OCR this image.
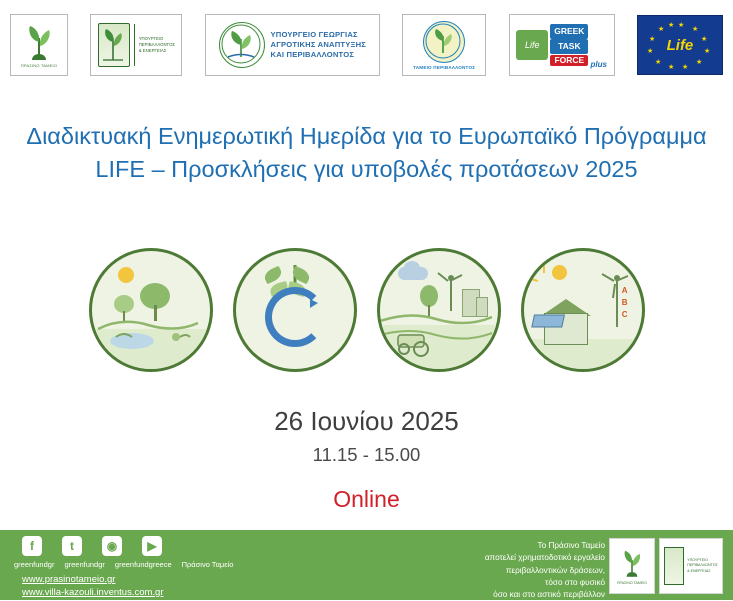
ΠΡΑΣΙΝΟ ΤΑΜΕΙΟ
ΥΠΟΥΡΓΕΙΟ
ΠΕΡΙΒΑΛΛΟΝΤΟΣ
& ΕΝΕΡΓΕΙΑΣ
ΥΠΟΥΡΓΕΙΟ ΓΕΩΡΓΙΑΣ
ΑΓΡΟΤΙΚΗΣ ΑΝΑΠΤΥΞΗΣ
ΚΑΙ ΠΕΡΙΒΑΛΛΟΝΤΟΣ
ΤΑΜΕΙΟ ΠΕΡΙΒΑΛΛΟΝΤΟΣ
Life
GREEK
TASK
FORCE plus
★
★
★
★
★
★
★
★
★
★
★
★
Life
Διαδικτυακή Ενημερωτική Ημερίδα για το Ευρωπαϊκό Πρόγραμμα LIFE – Προσκλήσεις για υποβολές προτάσεων 2025
A
B
C
26 Ιουνίου 2025
11.15 - 15.00
Online
f	t	◉	▶
greenfundgr greenfundgr greenfundgreece Πράσινο Ταμείο
www.prasinotameio.gr
www.villa-kazouli.inventus.com.gr
Το Πράσινο Ταμείο
αποτελεί χρηματοδοτικό εργαλείο
περιβαλλοντικών δράσεων,
τόσο στο φυσικό
όσο και στο αστικό περιβάλλον
ΠΡΑΣΙΝΟ ΤΑΜΕΙΟ
ΥΠΟΥΡΓΕΙΟ
ΠΕΡΙΒΑΛΛΟΝΤΟΣ
& ΕΝΕΡΓΕΙΑΣ
